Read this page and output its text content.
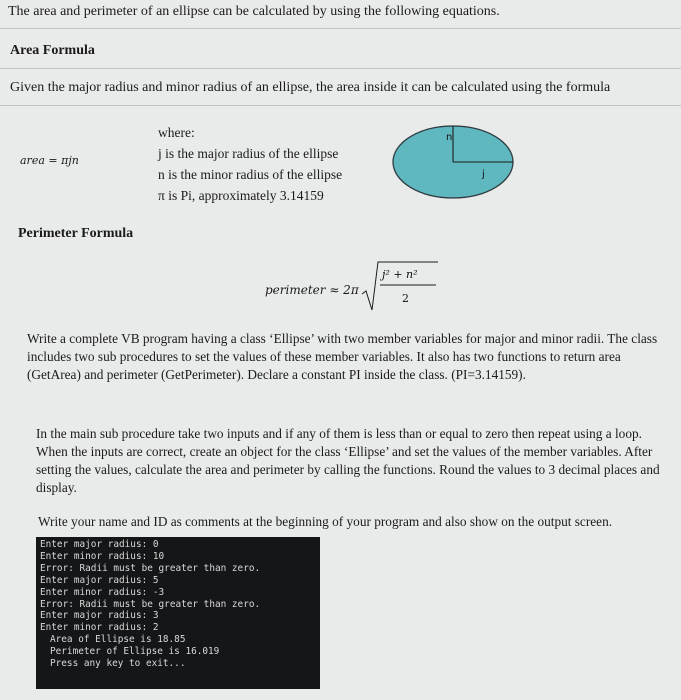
The area and perimeter of an ellipse can be calculated by using the following equations.
Area Formula
Given the major radius and minor radius of an ellipse, the area inside it can be calculated using the formula
area = πjn
where:
j is the major radius of the ellipse
n is the minor radius of the ellipse
π is Pi, approximately 3.14159
n
j
Perimeter Formula
perimeter ≈ 2π
j² + n²
2
Write a complete VB program having a class ‘Ellipse’ with two member variables for major and minor radii. The class includes two sub procedures to set the values of these member variables. It also has two functions to return area (GetArea) and perimeter (GetPerimeter). Declare a constant PI inside the class. (PI=3.14159).
In the main sub procedure take two inputs and if any of them is less than or equal to zero then repeat using a loop. When the inputs are correct, create an object for the class ‘Ellipse’ and set the values of the member variables. After setting the values, calculate the area and perimeter by calling the functions. Round the values to 3 decimal places and display.
Write your name and ID as comments at the beginning of your program and also show on the output screen.
Enter major radius: 0
Enter minor radius: 10
Error: Radii must be greater than zero.
Enter major radius: 5
Enter minor radius: -3
Error: Radii must be greater than zero.
Enter major radius: 3
Enter minor radius: 2
Area of Ellipse is 18.85
Perimeter of Ellipse is 16.019
Press any key to exit...
